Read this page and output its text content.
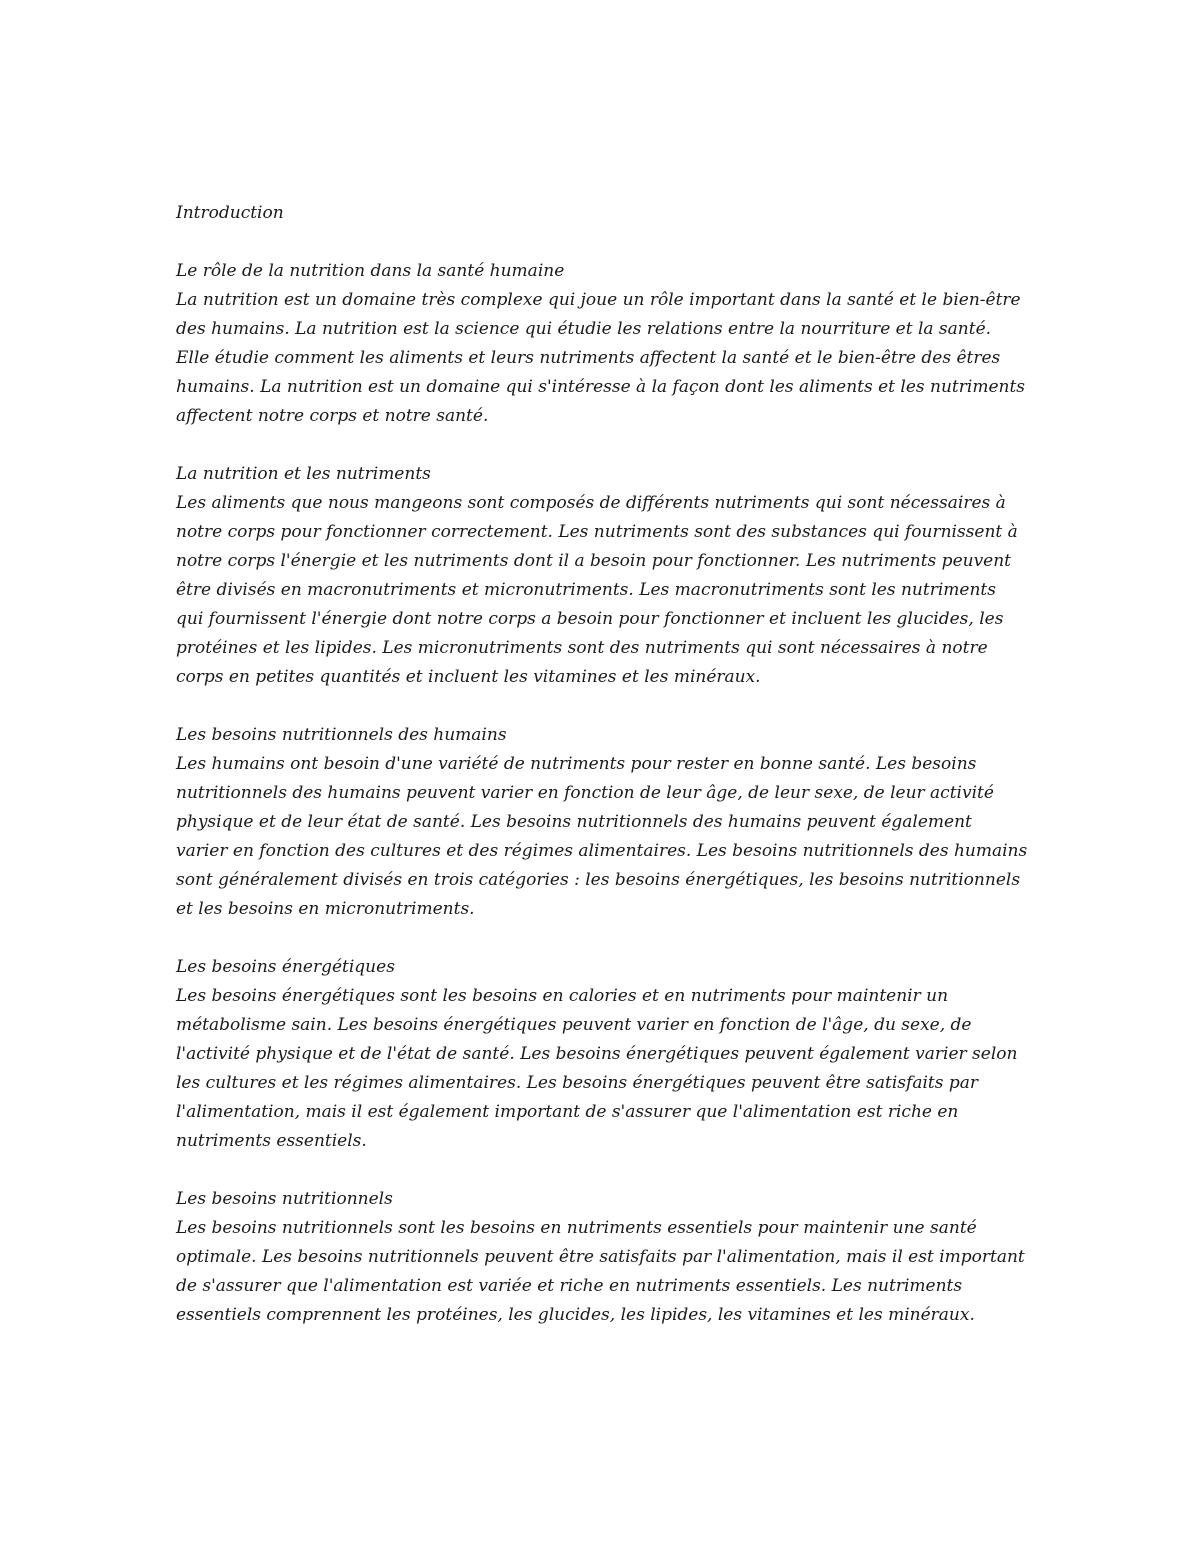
Introduction
Le rôle de la nutrition dans la santé humaine

La nutrition est un domaine très complexe qui joue un rôle important dans la santé et le bien-être des humains. La nutrition est la science qui étudie les relations entre la nourriture et la santé. Elle étudie comment les aliments et leurs nutriments affectent la santé et le bien-être des êtres humains. La nutrition est un domaine qui s'intéresse à la façon dont les aliments et les nutriments affectent notre corps et notre santé.

La nutrition et les nutriments

Les aliments que nous mangeons sont composés de différents nutriments qui sont nécessaires à notre corps pour fonctionner correctement. Les nutriments sont des substances qui fournissent à notre corps l'énergie et les nutriments dont il a besoin pour fonctionner. Les nutriments peuvent être divisés en macronutriments et micronutriments. Les macronutriments sont les nutriments qui fournissent l'énergie dont notre corps a besoin pour fonctionner et incluent les glucides, les protéines et les lipides. Les micronutriments sont des nutriments qui sont nécessaires à notre corps en petites quantités et incluent les vitamines et les minéraux.

Les besoins nutritionnels des humains

Les humains ont besoin d'une variété de nutriments pour rester en bonne santé. Les besoins nutritionnels des humains peuvent varier en fonction de leur âge, de leur sexe, de leur activité physique et de leur état de santé. Les besoins nutritionnels des humains peuvent également varier en fonction des cultures et des régimes alimentaires. Les besoins nutritionnels des humains sont généralement divisés en trois catégories : les besoins énergétiques, les besoins nutritionnels et les besoins en micronutriments.

Les besoins énergétiques

Les besoins énergétiques sont les besoins en calories et en nutriments pour maintenir un métabolisme sain. Les besoins énergétiques peuvent varier en fonction de l'âge, du sexe, de l'activité physique et de l'état de santé. Les besoins énergétiques peuvent également varier selon les cultures et les régimes alimentaires. Les besoins énergétiques peuvent être satisfaits par l'alimentation, mais il est également important de s'assurer que l'alimentation est riche en nutriments essentiels.

Les besoins nutritionnels

Les besoins nutritionnels sont les besoins en nutriments essentiels pour maintenir une santé optimale. Les besoins nutritionnels peuvent être satisfaits par l'alimentation, mais il est important de s'assurer que l'alimentation est variée et riche en nutriments essentiels. Les nutriments essentiels comprennent les protéines, les glucides, les lipides, les vitamines et les minéraux.
